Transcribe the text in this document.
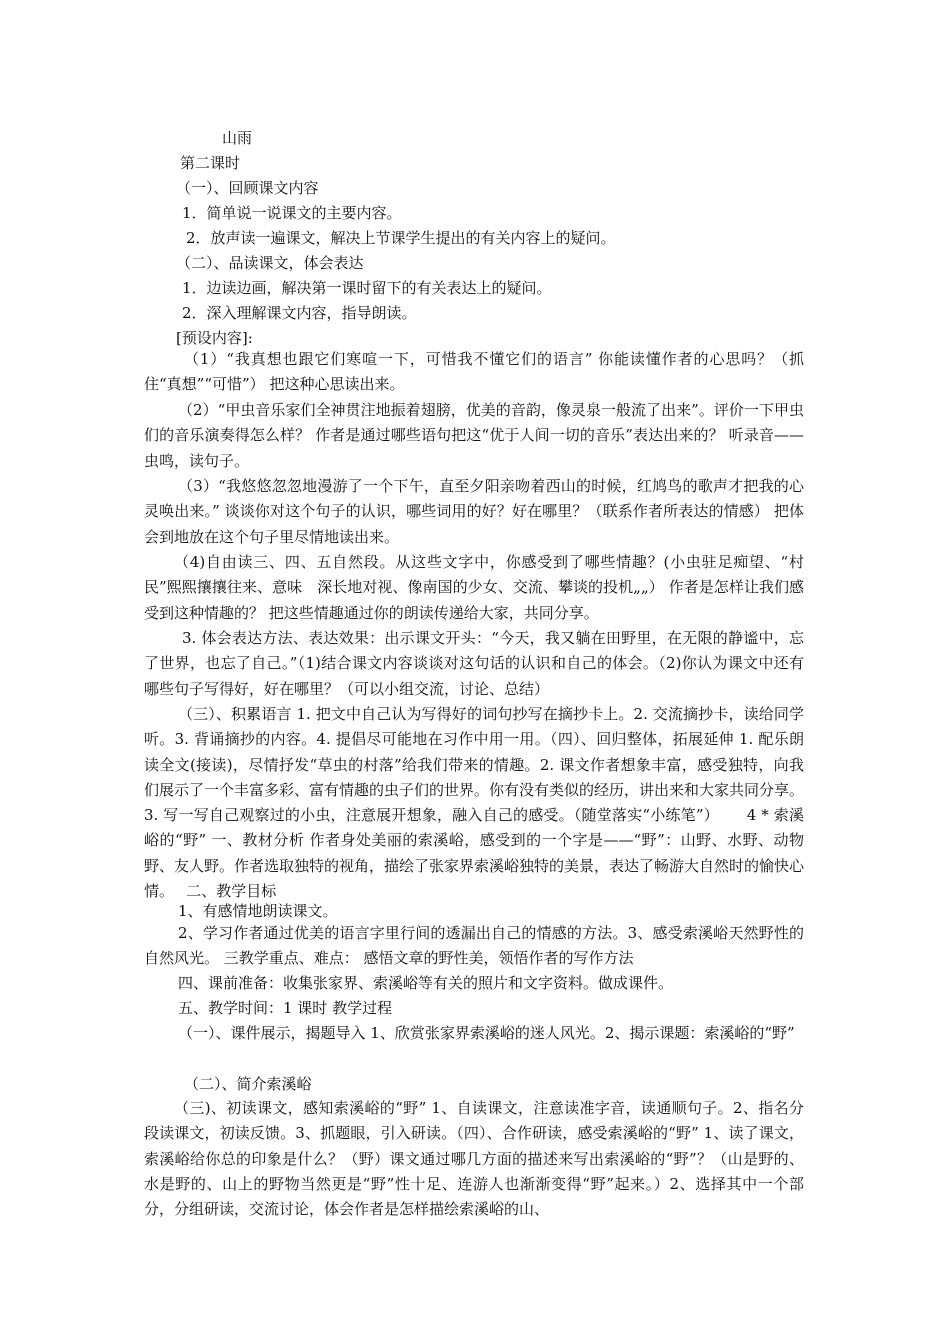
山雨
第二课时
（一）、回顾课文内容
1．简单说一说课文的主要内容。
2．放声读一遍课文，解决上节课学生提出的有关内容上的疑问。
（二）、品读课文，体会表达
1．边读边画，解决第一课时留下的有关表达上的疑问。
2．深入理解课文内容，指导朗读。
[预设内容]:
（1）“我真想也跟它们寒喧一下，可惜我不懂它们的语言” 你能读懂作者的心思吗？（抓住“真想”“可惜”） 把这种心思读出来。
（2）“甲虫音乐家们全神贯注地振着翅膀，优美的音韵，像灵泉一般流了出来”。评价一下甲虫们的音乐演奏得怎么样？ 作者是通过哪些语句把这“优于人间一切的音乐”表达出来的？ 听录音——虫鸣，读句子。
（3）“我悠悠忽忽地漫游了一个下午，直至夕阳亲吻着西山的时候，红鸠鸟的歌声才把我的心灵唤出来。” 谈谈你对这个句子的认识，哪些词用的好？好在哪里？（联系作者所表达的情感） 把体会到地放在这个句子里尽情地读出来。
（4)自由读三、四、五自然段。从这些文字中，你感受到了哪些情趣？(小虫驻足痴望、“村民”熙熙攘攘往来、意味　深长地对视、像南国的少女、交流、攀谈的投机„„） 作者是怎样让我们感受到这种情趣的？ 把这些情趣通过你的朗读传递给大家，共同分享。
3. 体会表达方法、表达效果：出示课文开头：“今天，我又躺在田野里，在无限的静谧中，忘了世界，也忘了自己。”（1)结合课文内容谈谈对这句话的认识和自己的体会。（2)你认为课文中还有哪些句子写得好，好在哪里？（可以小组交流，讨论、总结）
（三）、积累语言 1. 把文中自己认为写得好的词句抄写在摘抄卡上。2. 交流摘抄卡，读给同学听。3. 背诵摘抄的内容。4. 提倡尽可能地在习作中用一用。（四）、回归整体，拓展延伸 1. 配乐朗读全文(接读)，尽情抒发“草虫的村落”给我们带来的情趣。2. 课文作者想象丰富，感受独特，向我们展示了一个丰富多彩、富有情趣的虫子们的世界。你有没有类似的经历，讲出来和大家共同分享。3. 写一写自己观察过的小虫，注意展开想象，融入自己的感受。（随堂落实“小练笔”）　　 4 * 索溪峪的“野” 一、教材分析 作者身处美丽的索溪峪，感受到的一个字是——“野”：山野、水野、动物野、友人野。作者选取独特的视角，描绘了张家界索溪峪独特的美景，表达了畅游大自然时的愉快心情。　 二、教学目标
1、有感情地朗读课文。
2、学习作者通过优美的语言字里行间的透漏出自己的情感的方法。3、感受索溪峪天然野性的自然风光。 三教学重点、难点： 感悟文章的野性美，领悟作者的写作方法
四、课前准备：收集张家界、索溪峪等有关的照片和文字资料。做成课件。
五、教学时间：1 课时 教学过程
（一）、课件展示，揭题导入 1、欣赏张家界索溪峪的迷人风光。2、揭示课题：索溪峪的“野”
（二）、简介索溪峪
（三)、初读课文，感知索溪峪的“野” 1、自读课文，注意读准字音，读通顺句子。2、指名分段读课文，初读反馈。3、抓题眼，引入研读。（四）、合作研读，感受索溪峪的“野” 1、读了课文，索溪峪给你总的印象是什么？（野）课文通过哪几方面的描述来写出索溪峪的“野”？（山是野的、水是野的、山上的野物当然更是“野”性十足、连游人也渐渐变得“野”起来。）2、选择其中一个部分，分组研读，交流讨论，体会作者是怎样描绘索溪峪的山、
